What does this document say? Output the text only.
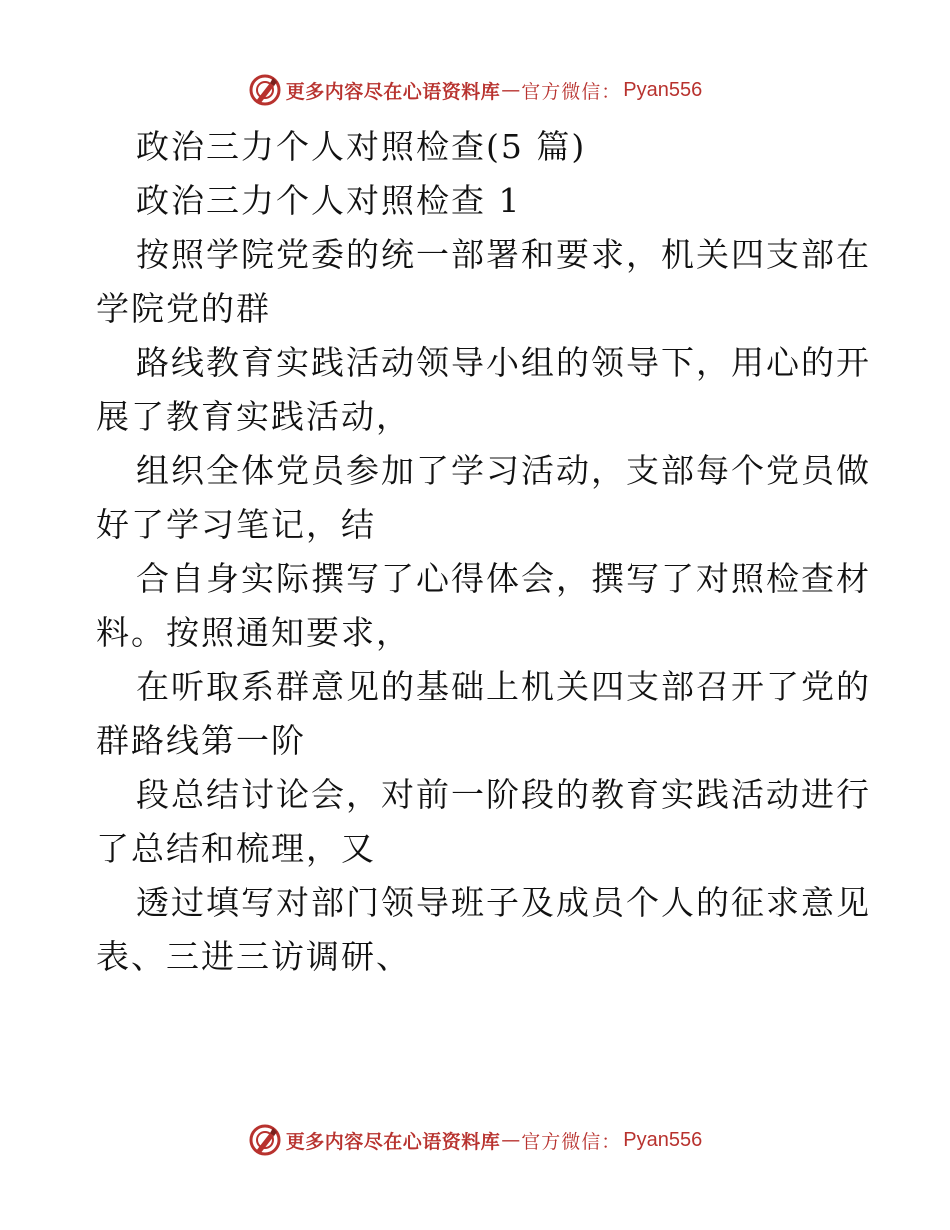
更多内容尽在心语资料库 — 官方微信： Pyan556
政治三力个人对照检查(5 篇)
政治三力个人对照检查 1
按照学院党委的统一部署和要求，机关四支部在
学院党的群
路线教育实践活动领导小组的领导下，用心的开
展了教育实践活动，
组织全体党员参加了学习活动，支部每个党员做
好了学习笔记，结
合自身实际撰写了心得体会，撰写了对照检查材
料。按照通知要求，
在听取系群意见的基础上机关四支部召开了党的
群路线第一阶
段总结讨论会，对前一阶段的教育实践活动进行
了总结和梳理，又
透过填写对部门领导班子及成员个人的征求意见
表、三进三访调研、
更多内容尽在心语资料库 — 官方微信： Pyan556
